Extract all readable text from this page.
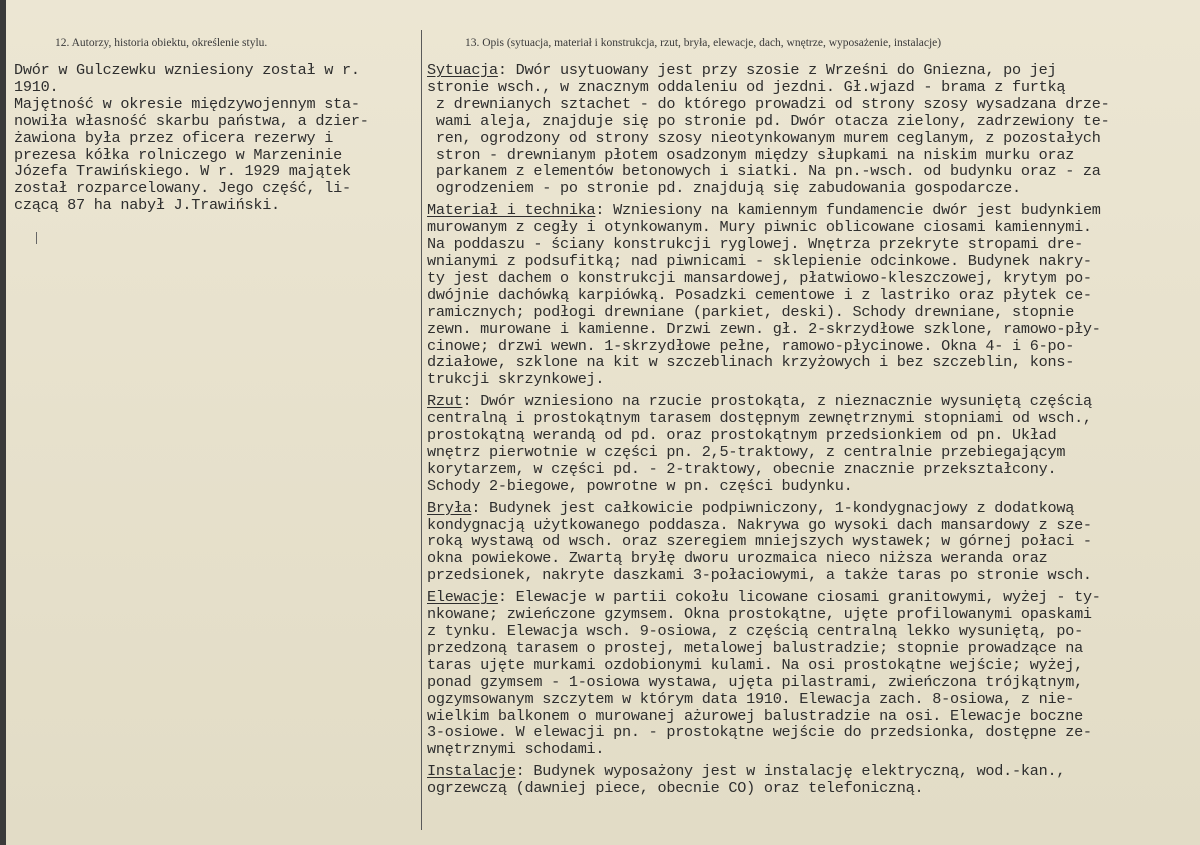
12. Autorzy, historia obiektu, określenie stylu.	13. Opis (sytuacja, materiał i konstrukcja, rzut, bryła, elewacje, dach, wnętrze, wyposażenie, instalacje)
Dwór w Gulczewku wzniesiony został w r.
1910.
Majętność w okresie międzywojennym sta-
nowiła własność skarbu państwa, a dzier-
żawiona była przez oficera rezerwy i
prezesa kółka rolniczego w Marzeninie
Józefa Trawińskiego. W r. 1929 majątek
został rozparcelowany. Jego część, li-
czącą 87 ha nabył J.Trawiński.
Sytuacja: Dwór usytuowany jest przy szosie z Wrześni do Gniezna, po jej
stronie wsch., w znacznym oddaleniu od jezdni. Gł.wjazd - brama z furtką
z drewnianych sztachet - do którego prowadzi od strony szosy wysadzana drze-
wami aleja, znajduje się po stronie pd. Dwór otacza zielony, zadrzewiony te-
ren, ogrodzony od strony szosy nieotynkowanym murem ceglanym, z pozostałych
stron - drewnianym płotem osadzonym między słupkami na niskim murku oraz
parkanem z elementów betonowych i siatki. Na pn.-wsch. od budynku oraz - za
ogrodzeniem - po stronie pd. znajdują się zabudowania gospodarcze.
Materiał i technika: Wzniesiony na kamiennym fundamencie dwór jest budynkiem
murowanym z cegły i otynkowanym. Mury piwnic oblicowane ciosami kamiennymi.
Na poddaszu - ściany konstrukcji ryglowej. Wnętrza przekryte stropami dre-
wnianymi z podsufitką; nad piwnicami - sklepienie odcinkowe. Budynek nakry-
ty jest dachem o konstrukcji mansardowej, płatwiowo-kleszczowej, krytym po-
dwójnie dachówką karpiówką. Posadzki cementowe i z lastriko oraz płytek ce-
ramicznych; podłogi drewniane (parkiet, deski). Schody drewniane, stopnie
zewn. murowane i kamienne. Drzwi zewn. gł. 2-skrzydłowe szklone, ramowo-pły-
cinowe; drzwi wewn. 1-skrzydłowe pełne, ramowo-płycinowe. Okna 4- i 6-po-
działowe, szklone na kit w szczeblinach krzyżowych i bez szczeblin, kons-
trukcji skrzynkowej.
Rzut: Dwór wzniesiono na rzucie prostokąta, z nieznacznie wysuniętą częścią
centralną i prostokątnym tarasem dostępnym zewnętrznymi stopniami od wsch.,
prostokątną werandą od pd. oraz prostokątnym przedsionkiem od pn. Układ
wnętrz pierwotnie w części pn. 2,5-traktowy, z centralnie przebiegającym
korytarzem, w części pd. - 2-traktowy, obecnie znacznie przekształcony.
Schody 2-biegowe, powrotne w pn. części budynku.
Bryła: Budynek jest całkowicie podpiwniczony, 1-kondygnacjowy z dodatkową
kondygnacją użytkowanego poddasza. Nakrywa go wysoki dach mansardowy z sze-
roką wystawą od wsch. oraz szeregiem mniejszych wystawek; w górnej połaci -
okna powiekowe. Zwartą bryłę dworu urozmaica nieco niższa weranda oraz
przedsionek, nakryte daszkami 3-połaciowymi, a także taras po stronie wsch.
Elewacje: Elewacje w partii cokołu licowane ciosami granitowymi, wyżej - ty-
nkowane; zwieńczone gzymsem. Okna prostokątne, ujęte profilowanymi opaskami
z tynku. Elewacja wsch. 9-osiowa, z częścią centralną lekko wysuniętą, po-
przedzoną tarasem o prostej, metalowej balustradzie; stopnie prowadzące na
taras ujęte murkami ozdobionymi kulami. Na osi prostokątne wejście; wyżej,
ponad gzymsem - 1-osiowa wystawa, ujęta pilastrami, zwieńczona trójkątnym,
ogzymsowanym szczytem w którym data 1910. Elewacja zach. 8-osiowa, z nie-
wielkim balkonem o murowanej ażurowej balustradzie na osi. Elewacje boczne
3-osiowe. W elewacji pn. - prostokątne wejście do przedsionka, dostępne ze-
wnętrznymi schodami.
Instalacje: Budynek wyposażony jest w instalację elektryczną, wod.-kan.,
ogrzewczą (dawniej piece, obecnie CO) oraz telefoniczną.
